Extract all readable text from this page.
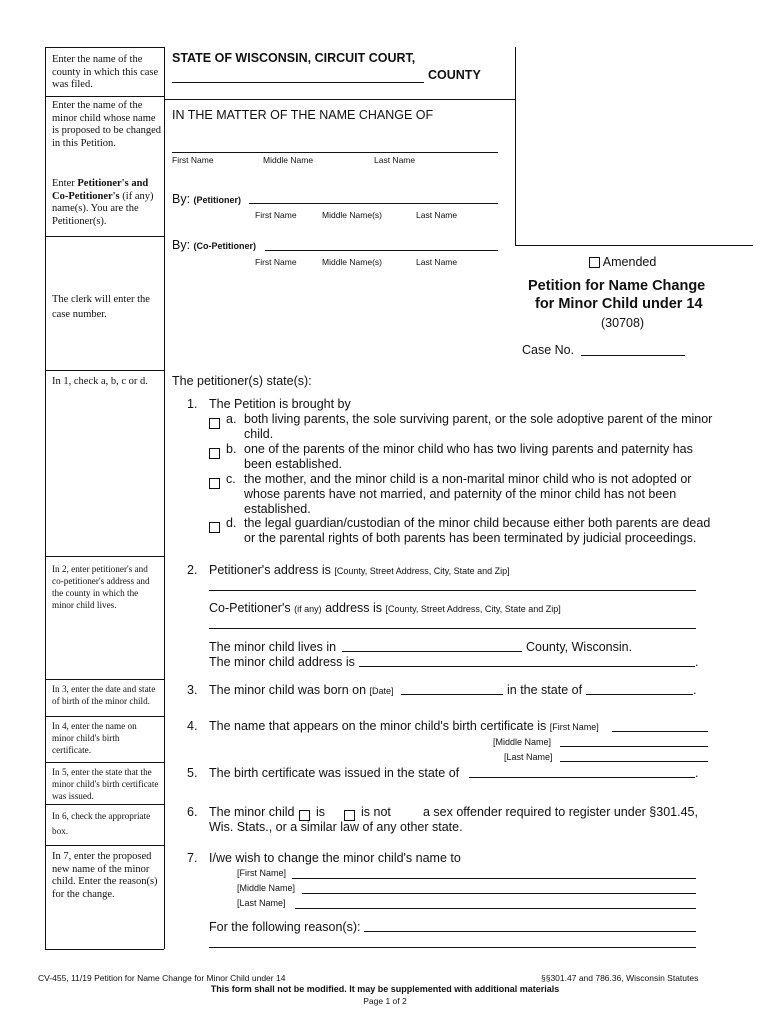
Enter the name of the county in which this case was filed.
Enter the name of the minor child whose name is proposed to be changed in this Petition.
Enter Petitioner's and Co-Petitioner's (if any) name(s). You are the Petitioner(s).
The clerk will enter the case number.
In 1, check a, b, c or d.
In 2, enter petitioner's and co-petitioner's address and the county in which the minor child lives.
In 3, enter the date and state of birth of the minor child.
In 4, enter the name on minor child's birth certificate.
In 5, enter the state that the minor child's birth certificate was issued.
In 6, check the appropriate box.
In 7, enter the proposed new name of the minor child. Enter the reason(s) for the change.
STATE OF WISCONSIN, CIRCUIT COURT,
COUNTY
IN THE MATTER OF THE NAME CHANGE OF
First Name	Middle Name	Last Name
By: (Petitioner)
First Name	Middle Name(s)	Last Name
By: (Co-Petitioner)
First Name	Middle Name(s)	Last Name	Amended
Petition for Name Change
for Minor Child under 14
(30708)
Case No.
The petitioner(s) state(s):
1. The Petition is brought by
a. both living parents, the sole surviving parent, or the sole adoptive parent of the minor
child.
b. one of the parents of the minor child who has two living parents and paternity has
been established.
c. the mother, and the minor child is a non-marital minor child who is not adopted or
whose parents have not married, and paternity of the minor child has not been
established.
d. the legal guardian/custodian of the minor child because either both parents are dead
or the parental rights of both parents has been terminated by judicial proceedings.
2. Petitioner's address is [County, Street Address, City, State and Zip]
Co-Petitioner's (if any) address is [County, Street Address, City, State and Zip]
The minor child lives in	County, Wisconsin.
The minor child address is	.
3. The minor child was born on [Date]	in the state of	.
4. The name that appears on the minor child's birth certificate is [First Name]
[Middle Name]
[Last Name]
5. The birth certificate was issued in the state of	.
6. The minor child is	is not	a sex offender required to register under §301.45,
Wis. Stats., or a similar law of any other state.
7. I/we wish to change the minor child's name to
[First Name]
[Middle Name]
[Last Name]
For the following reason(s):
CV-455, 11/19 Petition for Name Change for Minor Child under 14	§§301.47 and 786.36, Wisconsin Statutes
This form shall not be modified. It may be supplemented with additional materials
Page 1 of 2
